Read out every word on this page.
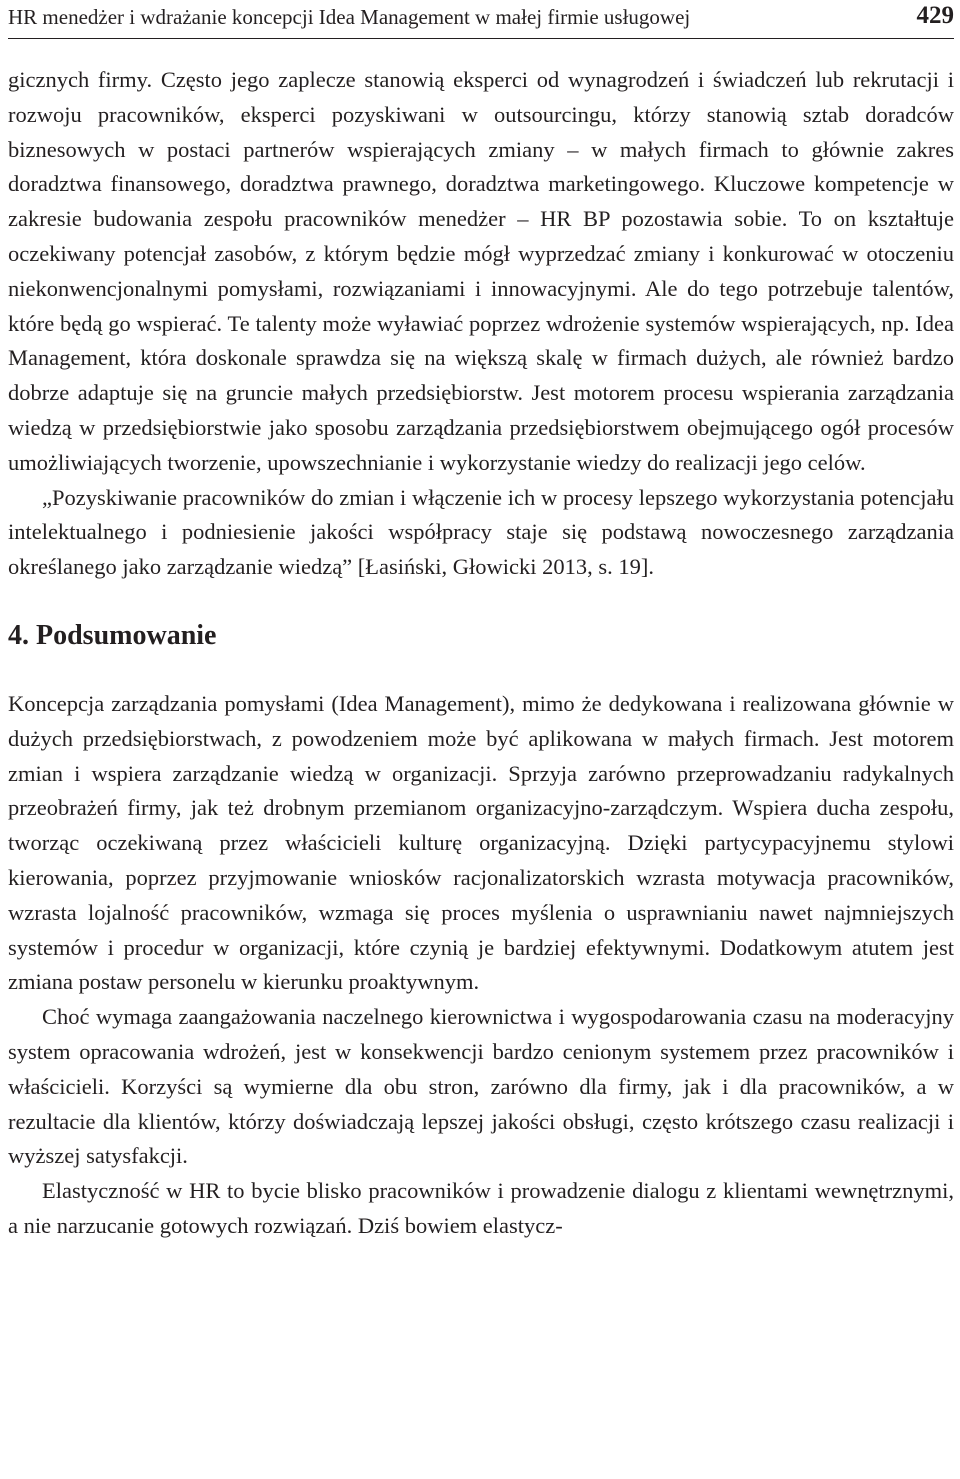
HR menedżer i wdrażanie koncepcji Idea Management w małej firmie usługowej	429

gicznych firmy. Często jego zaplecze stanowią eksperci od wynagrodzeń i świadczeń lub rekrutacji i rozwoju pracowników, eksperci pozyskiwani w outsourcingu, którzy stanowią sztab doradców biznesowych w postaci partnerów wspierających zmiany – w małych firmach to głównie zakres doradztwa finansowego, doradztwa prawnego, doradztwa marketingowego. Kluczowe kompetencje w zakresie budowania zespołu pracowników menedżer – HR BP pozostawia sobie. To on kształtuje oczekiwany potencjał zasobów, z którym będzie mógł wyprzedzać zmiany i konkurować w otoczeniu niekonwencjonalnymi pomysłami, rozwiązaniami i innowacyjnymi. Ale do tego potrzebuje talentów, które będą go wspierać. Te talenty może wyławiać poprzez wdrożenie systemów wspierających, np. Idea Management, która doskonale sprawdza się na większą skalę w firmach dużych, ale również bardzo dobrze adaptuje się na gruncie małych przedsiębiorstw. Jest motorem procesu wspierania zarządzania wiedzą w przedsiębiorstwie jako sposobu zarządzania przedsiębiorstwem obejmującego ogół procesów umożliwiających tworzenie, upowszechnianie i wykorzystanie wiedzy do realizacji jego celów.

„Pozyskiwanie pracowników do zmian i włączenie ich w procesy lepszego wykorzystania potencjału intelektualnego i podniesienie jakości współpracy staje się podstawą nowoczesnego zarządzania określanego jako zarządzanie wiedzą” [Łasiński, Głowicki 2013, s. 19].

4. Podsumowanie

Koncepcja zarządzania pomysłami (Idea Management), mimo że dedykowana i realizowana głównie w dużych przedsiębiorstwach, z powodzeniem może być aplikowana w małych firmach. Jest motorem zmian i wspiera zarządzanie wiedzą w organizacji. Sprzyja zarówno przeprowadzaniu radykalnych przeobrażeń firmy, jak też drobnym przemianom organizacyjno-zarządczym. Wspiera ducha zespołu, tworząc oczekiwaną przez właścicieli kulturę organizacyjną. Dzięki partycypacyjnemu stylowi kierowania, poprzez przyjmowanie wniosków racjonalizatorskich wzrasta motywacja pracowników, wzrasta lojalność pracowników, wzmaga się proces myślenia o usprawnianiu nawet najmniejszych systemów i procedur w organizacji, które czynią je bardziej efektywnymi. Dodatkowym atutem jest zmiana postaw personelu w kierunku proaktywnym.

Choć wymaga zaangażowania naczelnego kierownictwa i wygospodarowania czasu na moderacyjny system opracowania wdrożeń, jest w konsekwencji bardzo cenionym systemem przez pracowników i właścicieli. Korzyści są wymierne dla obu stron, zarówno dla firmy, jak i dla pracowników, a w rezultacie dla klientów, którzy doświadczają lepszej jakości obsługi, często krótszego czasu realizacji i wyższej satysfakcji.

Elastyczność w HR to bycie blisko pracowników i prowadzenie dialogu z klientami wewnętrznymi, a nie narzucanie gotowych rozwiązań. Dziś bowiem elastycz-
